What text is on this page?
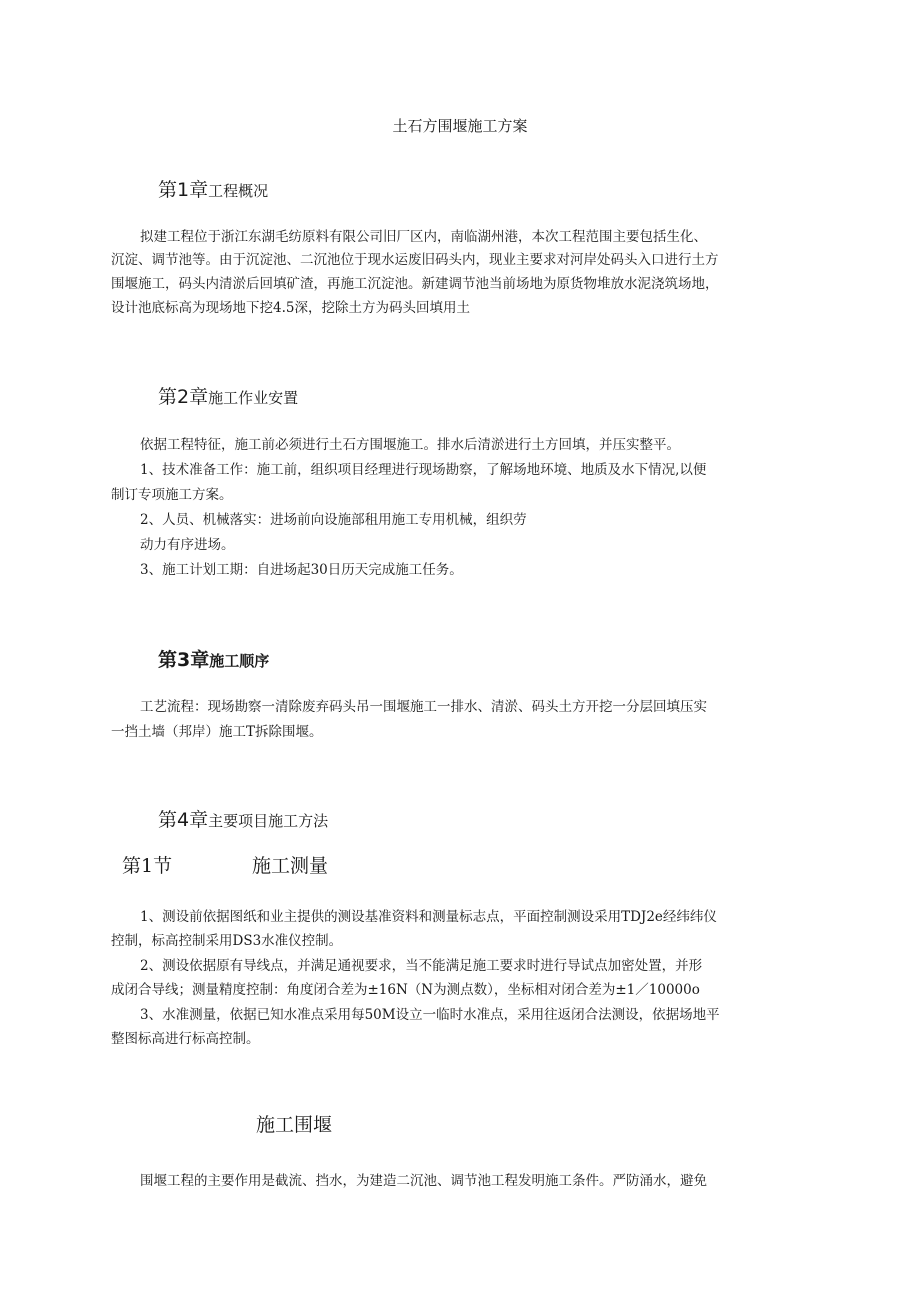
土石方围堰施工方案
第1章工程概况
拟建工程位于浙江东湖毛纺原料有限公司旧厂区内，南临湖州港，本次工程范围主要包括生化、
沉淀、调节池等。由于沉淀池、二沉池位于现水运废旧码头内，现业主要求对河岸处码头入口进行土方
围堰施工，码头内清淤后回填矿渣，再施工沉淀池。新建调节池当前场地为原货物堆放水泥浇筑场地，
设计池底标高为现场地下挖4.5深，挖除土方为码头回填用土
第2章施工作业安置
依据工程特征，施工前必须进行土石方围堰施工。排水后清淤进行土方回填，并压实整平。
1、技术准备工作：施工前，组织项目经理进行现场勘察，了解场地环境、地质及水下情况,以便
制订专项施工方案。
2、人员、机械落实：进场前向设施部租用施工专用机械，组织劳
动力有序进场。
3、施工计划工期：自进场起30日历天完成施工任务。
第3章施工顺序
工艺流程：现场勘察一清除废弃码头吊一围堰施工一排水、清淤、码头土方开挖一分层回填压实
一挡土墙（邦岸）施工T拆除围堰。
第4章主要项目施工方法
第1节	施工测量
1、测设前依据图纸和业主提供的测设基准资料和测量标志点，平面控制测设采用TDJ2e经纬纬仪
控制，标高控制采用DS3水准仪控制。
2、测设依据原有导线点，并满足通视要求，当不能满足施工要求时进行导试点加密处置，并形
成闭合导线；测量精度控制：角度闭合差为±16N（N为测点数），坐标相对闭合差为±1／10000o
3、水准测量，依据已知水准点采用每50M设立一临时水准点，采用往返闭合法测设，依据场地平
整图标高进行标高控制。
施工围堰
围堰工程的主要作用是截流、挡水，为建造二沉池、调节池工程发明施工条件。严防涌水，避免
